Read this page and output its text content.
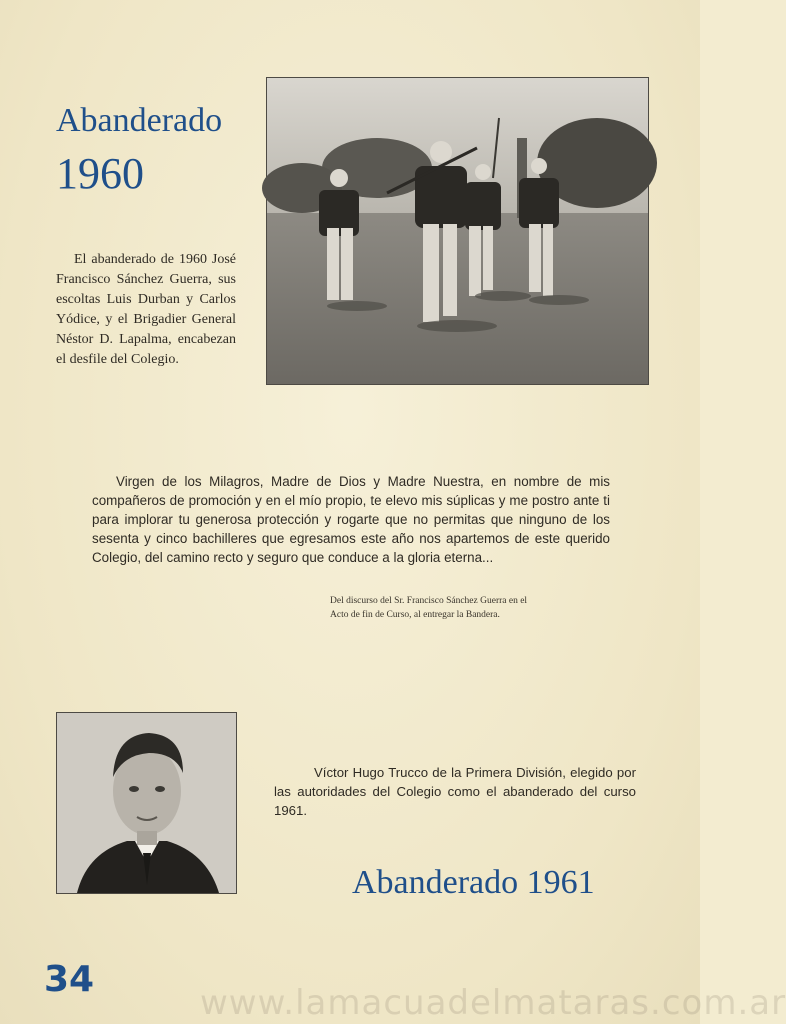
Abanderado
1960

El abanderado de 1960 José Francisco Sánchez Guerra, sus escoltas Luis Durban y Carlos Yódice, y el Brigadier General Néstor D. Lapalma, encabezan el desfile del Colegio.

Virgen de los Milagros, Madre de Dios y Madre Nuestra, en nombre de mis compañeros de promoción y en el mío propio, te elevo mis súplicas y me postro ante ti para implorar tu generosa protección y rogarte que no permitas que ninguno de los sesenta y cinco bachilleres que egresamos este año nos apartemos de este querido Colegio, del camino recto y seguro que conduce a la gloria eterna...

Del discurso del Sr. Francisco Sánchez Guerra en el
Acto de fin de Curso, al entregar la Bandera.

Víctor Hugo Trucco de la Primera División, elegido por las autoridades del Colegio como el abanderado del curso 1961.

Abanderado 1961

34

www.lamacuadelmataras.com.ar
